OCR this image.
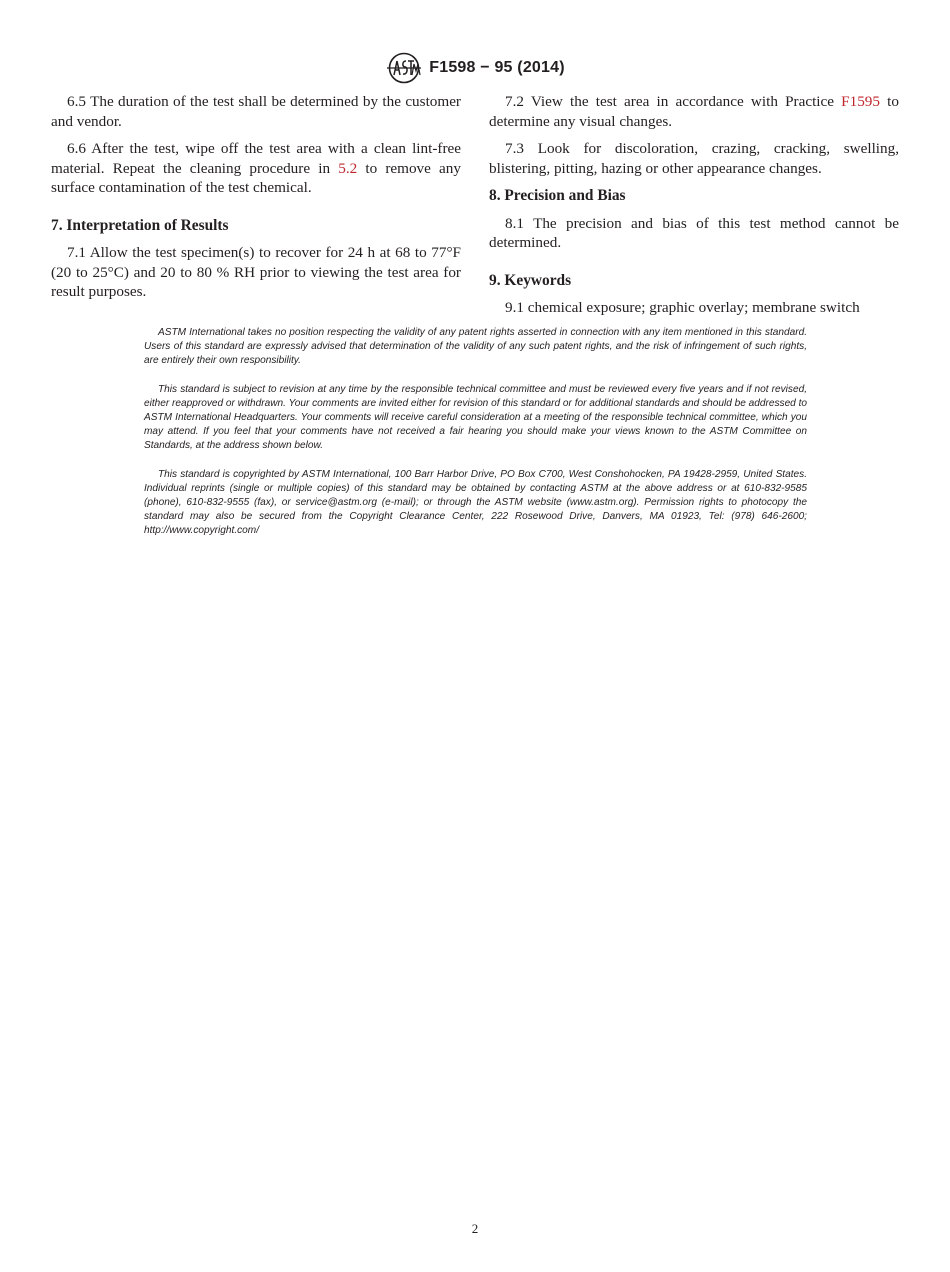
F1598 − 95 (2014)

6.5 The duration of the test shall be determined by the customer and vendor.

6.6 After the test, wipe off the test area with a clean lint-free material. Repeat the cleaning procedure in 5.2 to remove any surface contamination of the test chemical.

7. Interpretation of Results

7.1 Allow the test specimen(s) to recover for 24 h at 68 to 77°F (20 to 25°C) and 20 to 80 % RH prior to viewing the test area for result purposes.

7.2 View the test area in accordance with Practice F1595 to determine any visual changes.

7.3 Look for discoloration, crazing, cracking, swelling, blistering, pitting, hazing or other appearance changes.

8. Precision and Bias

8.1 The precision and bias of this test method cannot be determined.

9. Keywords

9.1 chemical exposure; graphic overlay; membrane switch

ASTM International takes no position respecting the validity of any patent rights asserted in connection with any item mentioned in this standard. Users of this standard are expressly advised that determination of the validity of any such patent rights, and the risk of infringement of such rights, are entirely their own responsibility.

This standard is subject to revision at any time by the responsible technical committee and must be reviewed every five years and if not revised, either reapproved or withdrawn. Your comments are invited either for revision of this standard or for additional standards and should be addressed to ASTM International Headquarters. Your comments will receive careful consideration at a meeting of the responsible technical committee, which you may attend. If you feel that your comments have not received a fair hearing you should make your views known to the ASTM Committee on Standards, at the address shown below.

This standard is copyrighted by ASTM International, 100 Barr Harbor Drive, PO Box C700, West Conshohocken, PA 19428-2959, United States. Individual reprints (single or multiple copies) of this standard may be obtained by contacting ASTM at the above address or at 610-832-9585 (phone), 610-832-9555 (fax), or service@astm.org (e-mail); or through the ASTM website (www.astm.org). Permission rights to photocopy the standard may also be secured from the Copyright Clearance Center, 222 Rosewood Drive, Danvers, MA 01923, Tel: (978) 646-2600; http://www.copyright.com/

2
